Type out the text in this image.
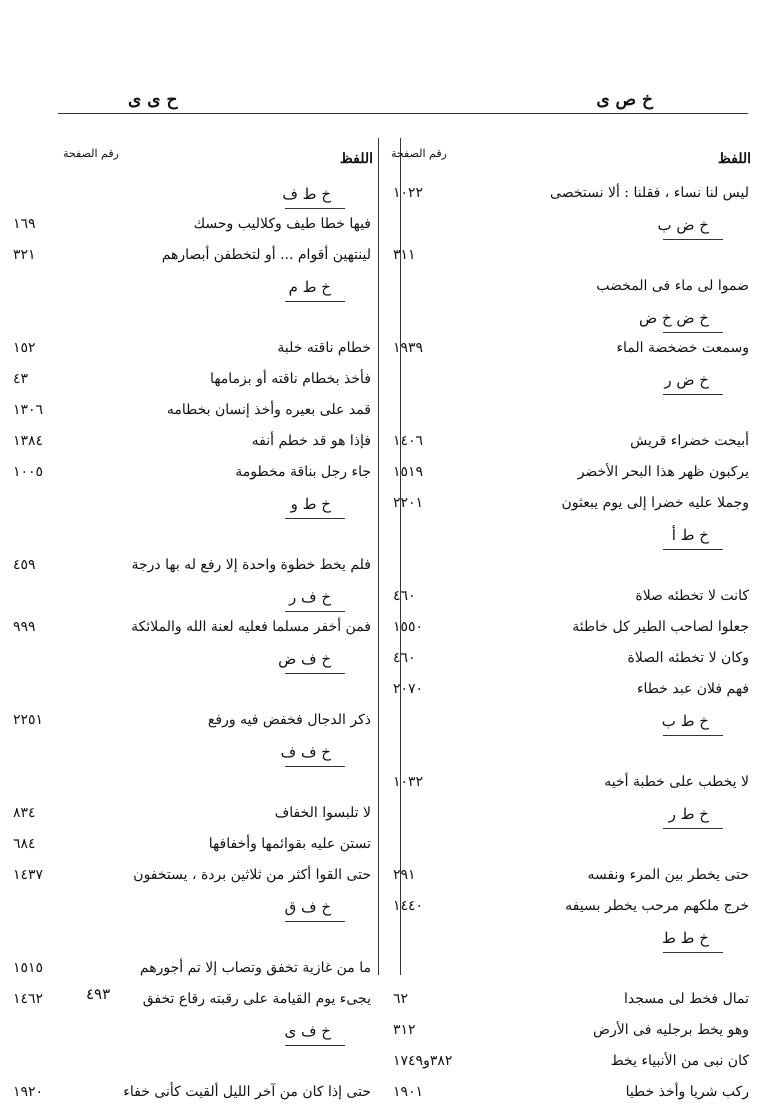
خ ص ى
ح ى ى
اللفظ
رقم الصفحة
ليس لنا نساء ، فقلنا : ألا نستخصى
١٠٢٢
خ ض ب
٣١١
ضموا لى ماء فى المخضب
خ ض خ ض
وسمعت خضخضة الماء
١٩٣٩
خ ض ر
أبيحت خضراء قريش
١٤٠٦
يركبون ظهر هذا البحر الأخضر
١٥١٩
وجملا عليه خضرا إلى يوم يبعثون
٢٢٠١
خ ط أ
كانت لا تخطئه صلاة
٤٦٠
جعلوا لصاحب الطير كل خاطئة
١٥٥٠
وكان لا تخطئه الصلاة
٤٦٠
فهم فلان عبد خطاء
٢٠٧٠
خ ط ب
لا يخطب على خطبة أخيه
١٠٣٢
خ ط ر
حتى يخطر بين المرء ونفسه
٢٩١
خرج ملكهم مرحب يخطر بسيفه
١٤٤٠
خ ط ط
تمال فخط لى مسجدا
٦٢
وهو يخط برجليه فى الأرض
٣١٢
كان نبى من الأنبياء يخط
٣٨٢و١٧٤٩
ركب شريا وأخذ خطيا
١٩٠١
اللفظ
رقم الصفحة
خ ط ف
فيها خطا طيف وكلاليب وحسك
١٦٩
لينتهين أقوام ... أو لتخطفن أبصارهم
٣٢١
خ ط م
خطام ناقته خلبة
١٥٢
فأخذ بخطام ناقته أو بزمامها
٤٣
قمد على بعيره وأخذ إنسان بخطامه
١٣٠٦
فإذا هو قد خطم أنفه
١٣٨٤
جاء رجل بناقة مخطومة
١٠٠٥
خ ط و
فلم يخط خطوة واحدة إلا رفع له بها درجة
٤٥٩
خ ف ر
فمن أخفر مسلما فعليه لعنة الله والملائكة
٩٩٩
خ ف ض
ذكر الدجال فخفض فيه ورفع
٢٢٥١
خ ف ف
لا تلبسوا الخفاف
٨٣٤
تستن عليه بقوائمها وأخفافها
٦٨٤
حتى القوا أكثر من ثلاثين بردة ، يستخفون
١٤٣٧
خ ف ق
ما من غازية تخفق وتصاب إلا تم أجورهم
١٥١٥
يجىء يوم القيامة على رقبته رقاع تخفق
١٤٦٢
خ ف ى
حتى إذا كان من آخر الليل ألقيت كأنى خفاء
١٩٢٠
٤٩٣
